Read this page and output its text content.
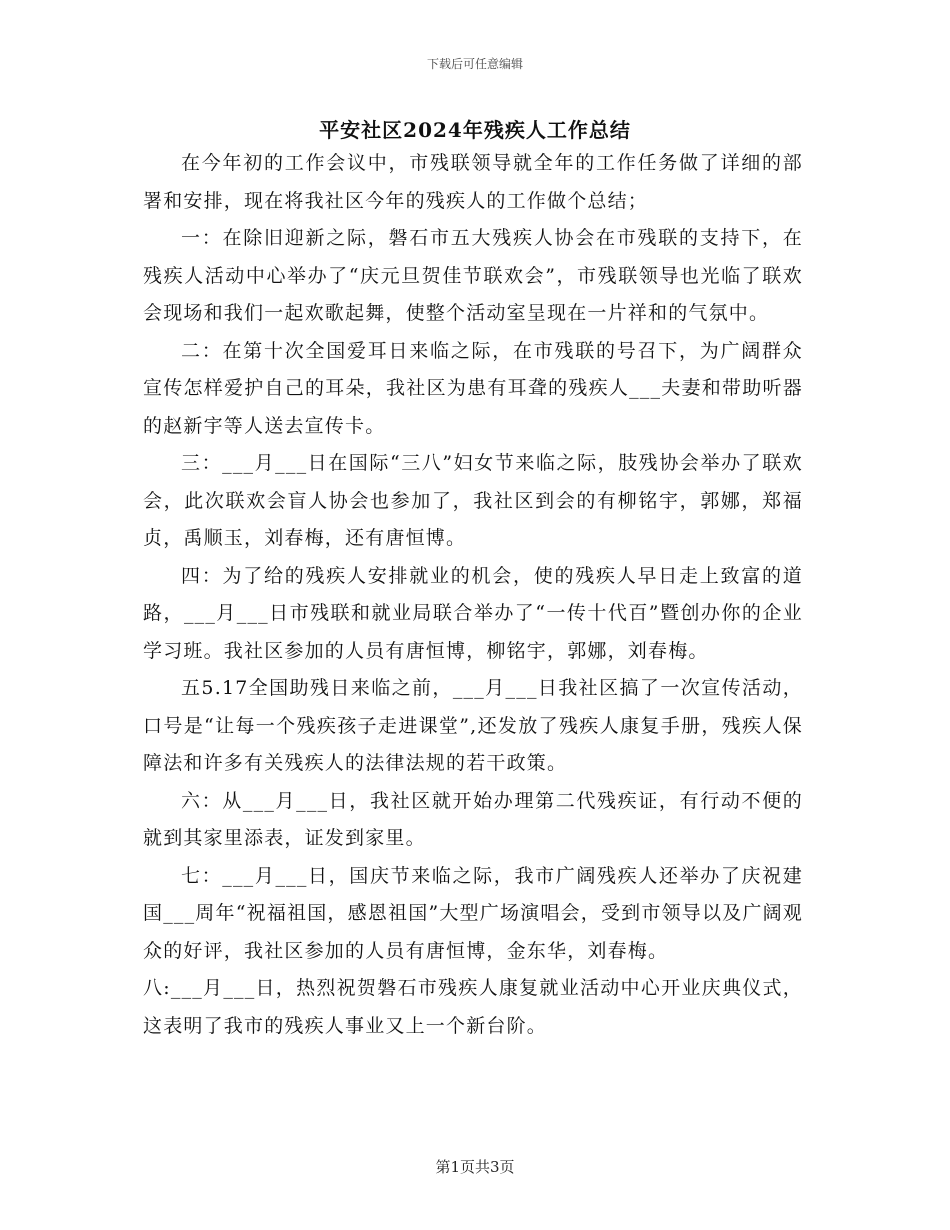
下载后可任意编辑
平安社区2024年残疾人工作总结

在今年初的工作会议中，市残联领导就全年的工作任务做了详细的部署和安排，现在将我社区今年的残疾人的工作做个总结；

一：在除旧迎新之际，磐石市五大残疾人协会在市残联的支持下，在残疾人活动中心举办了“庆元旦贺佳节联欢会”，市残联领导也光临了联欢会现场和我们一起欢歌起舞，使整个活动室呈现在一片祥和的气氛中。

二：在第十次全国爱耳日来临之际，在市残联的号召下，为广阔群众宣传怎样爱护自己的耳朵，我社区为患有耳聋的残疾人___夫妻和带助听器的赵新宇等人送去宣传卡。

三：___月___日在国际“三八”妇女节来临之际，肢残协会举办了联欢会，此次联欢会盲人协会也参加了，我社区到会的有柳铭宇，郭娜，郑福贞，禹顺玉，刘春梅，还有唐恒博。

四：为了给的残疾人安排就业的机会，使的残疾人早日走上致富的道路，___月___日市残联和就业局联合举办了“一传十代百”暨创办你的企业学习班。我社区参加的人员有唐恒博，柳铭宇，郭娜，刘春梅。

五5.17全国助残日来临之前，___月___日我社区搞了一次宣传活动，口号是“让每一个残疾孩子走进课堂”,还发放了残疾人康复手册，残疾人保障法和许多有关残疾人的法律法规的若干政策。

六：从___月___日，我社区就开始办理第二代残疾证，有行动不便的就到其家里添表，证发到家里。

七：___月___日，国庆节来临之际，我市广阔残疾人还举办了庆祝建国___周年“祝福祖国，感恩祖国”大型广场演唱会，受到市领导以及广阔观众的好评，我社区参加的人员有唐恒博，金东华，刘春梅。

八:___月___日，热烈祝贺磐石市残疾人康复就业活动中心开业庆典仪式，这表明了我市的残疾人事业又上一个新台阶。

第1页共3页
